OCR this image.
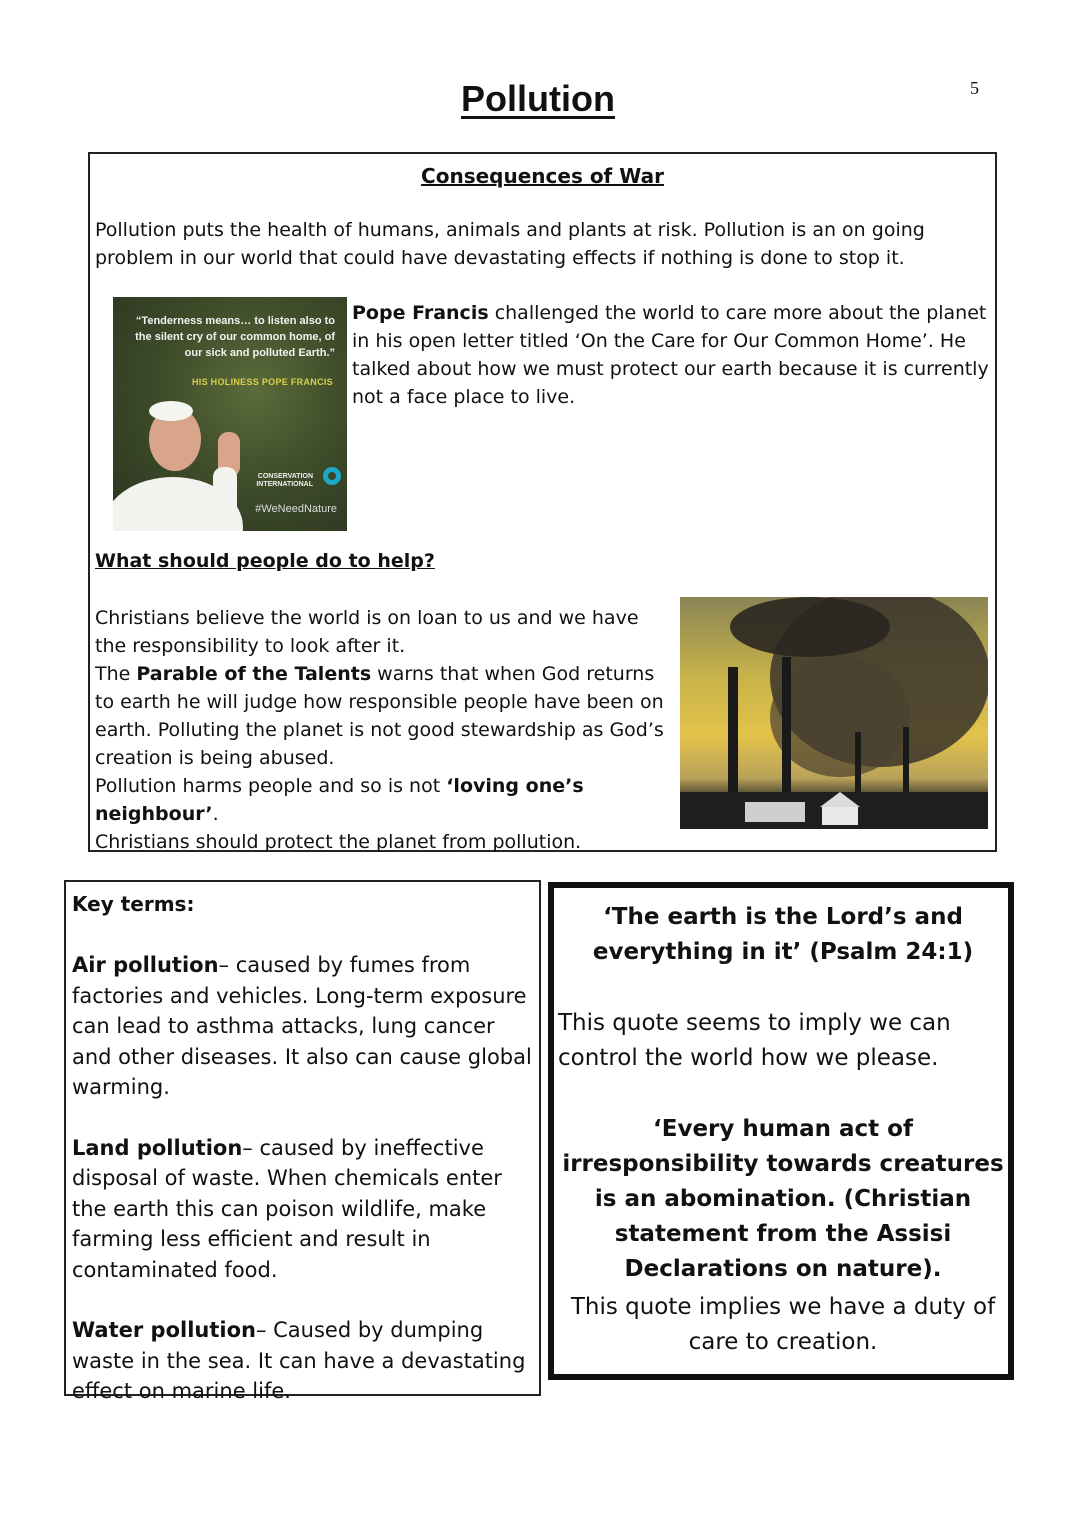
5
Pollution
Consequences of War
Pollution puts the health of humans, animals and plants at risk. Pollution is an on going problem in our world that could have devastating effects if nothing is done to stop it.
“Tenderness means… to listen also to the silent cry of our common home, of our sick and polluted Earth.”
HIS HOLINESS POPE FRANCIS
CONSERVATION INTERNATIONAL
#WeNeedNature
Pope Francis challenged the world to care more about the planet in his open letter titled ‘On the Care for Our Common Home’. He talked about how we must protect our earth because it is currently not a face place to live.
What should people do to help?
Christians believe the world is on loan to us and we have the responsibility to look after it.
The Parable of the Talents warns that when God returns to earth he will judge how responsible people have been on earth. Polluting the planet is not good stewardship as God’s creation is being abused.
Pollution harms people and so is not ‘loving one’s neighbour’.
Christians should protect the planet from pollution.
Key terms:

Air pollution– caused by fumes from factories and vehicles. Long-term exposure can lead to asthma attacks, lung cancer and other diseases. It also can cause global warming.

Land pollution– caused by ineffective disposal of waste. When chemicals enter the earth this can poison wildlife, make farming less efficient and result in contaminated food.

Water pollution– Caused by dumping waste in the sea. It can have a devastating effect on marine life.

‘The earth is the Lord’s and everything in it’ (Psalm 24:1)
This quote seems to imply we can control the world how we please.
‘Every human act of irresponsibility towards creatures is an abomination. (Christian statement from the Assisi Declarations on nature).
This quote implies we have a duty of care to creation.
